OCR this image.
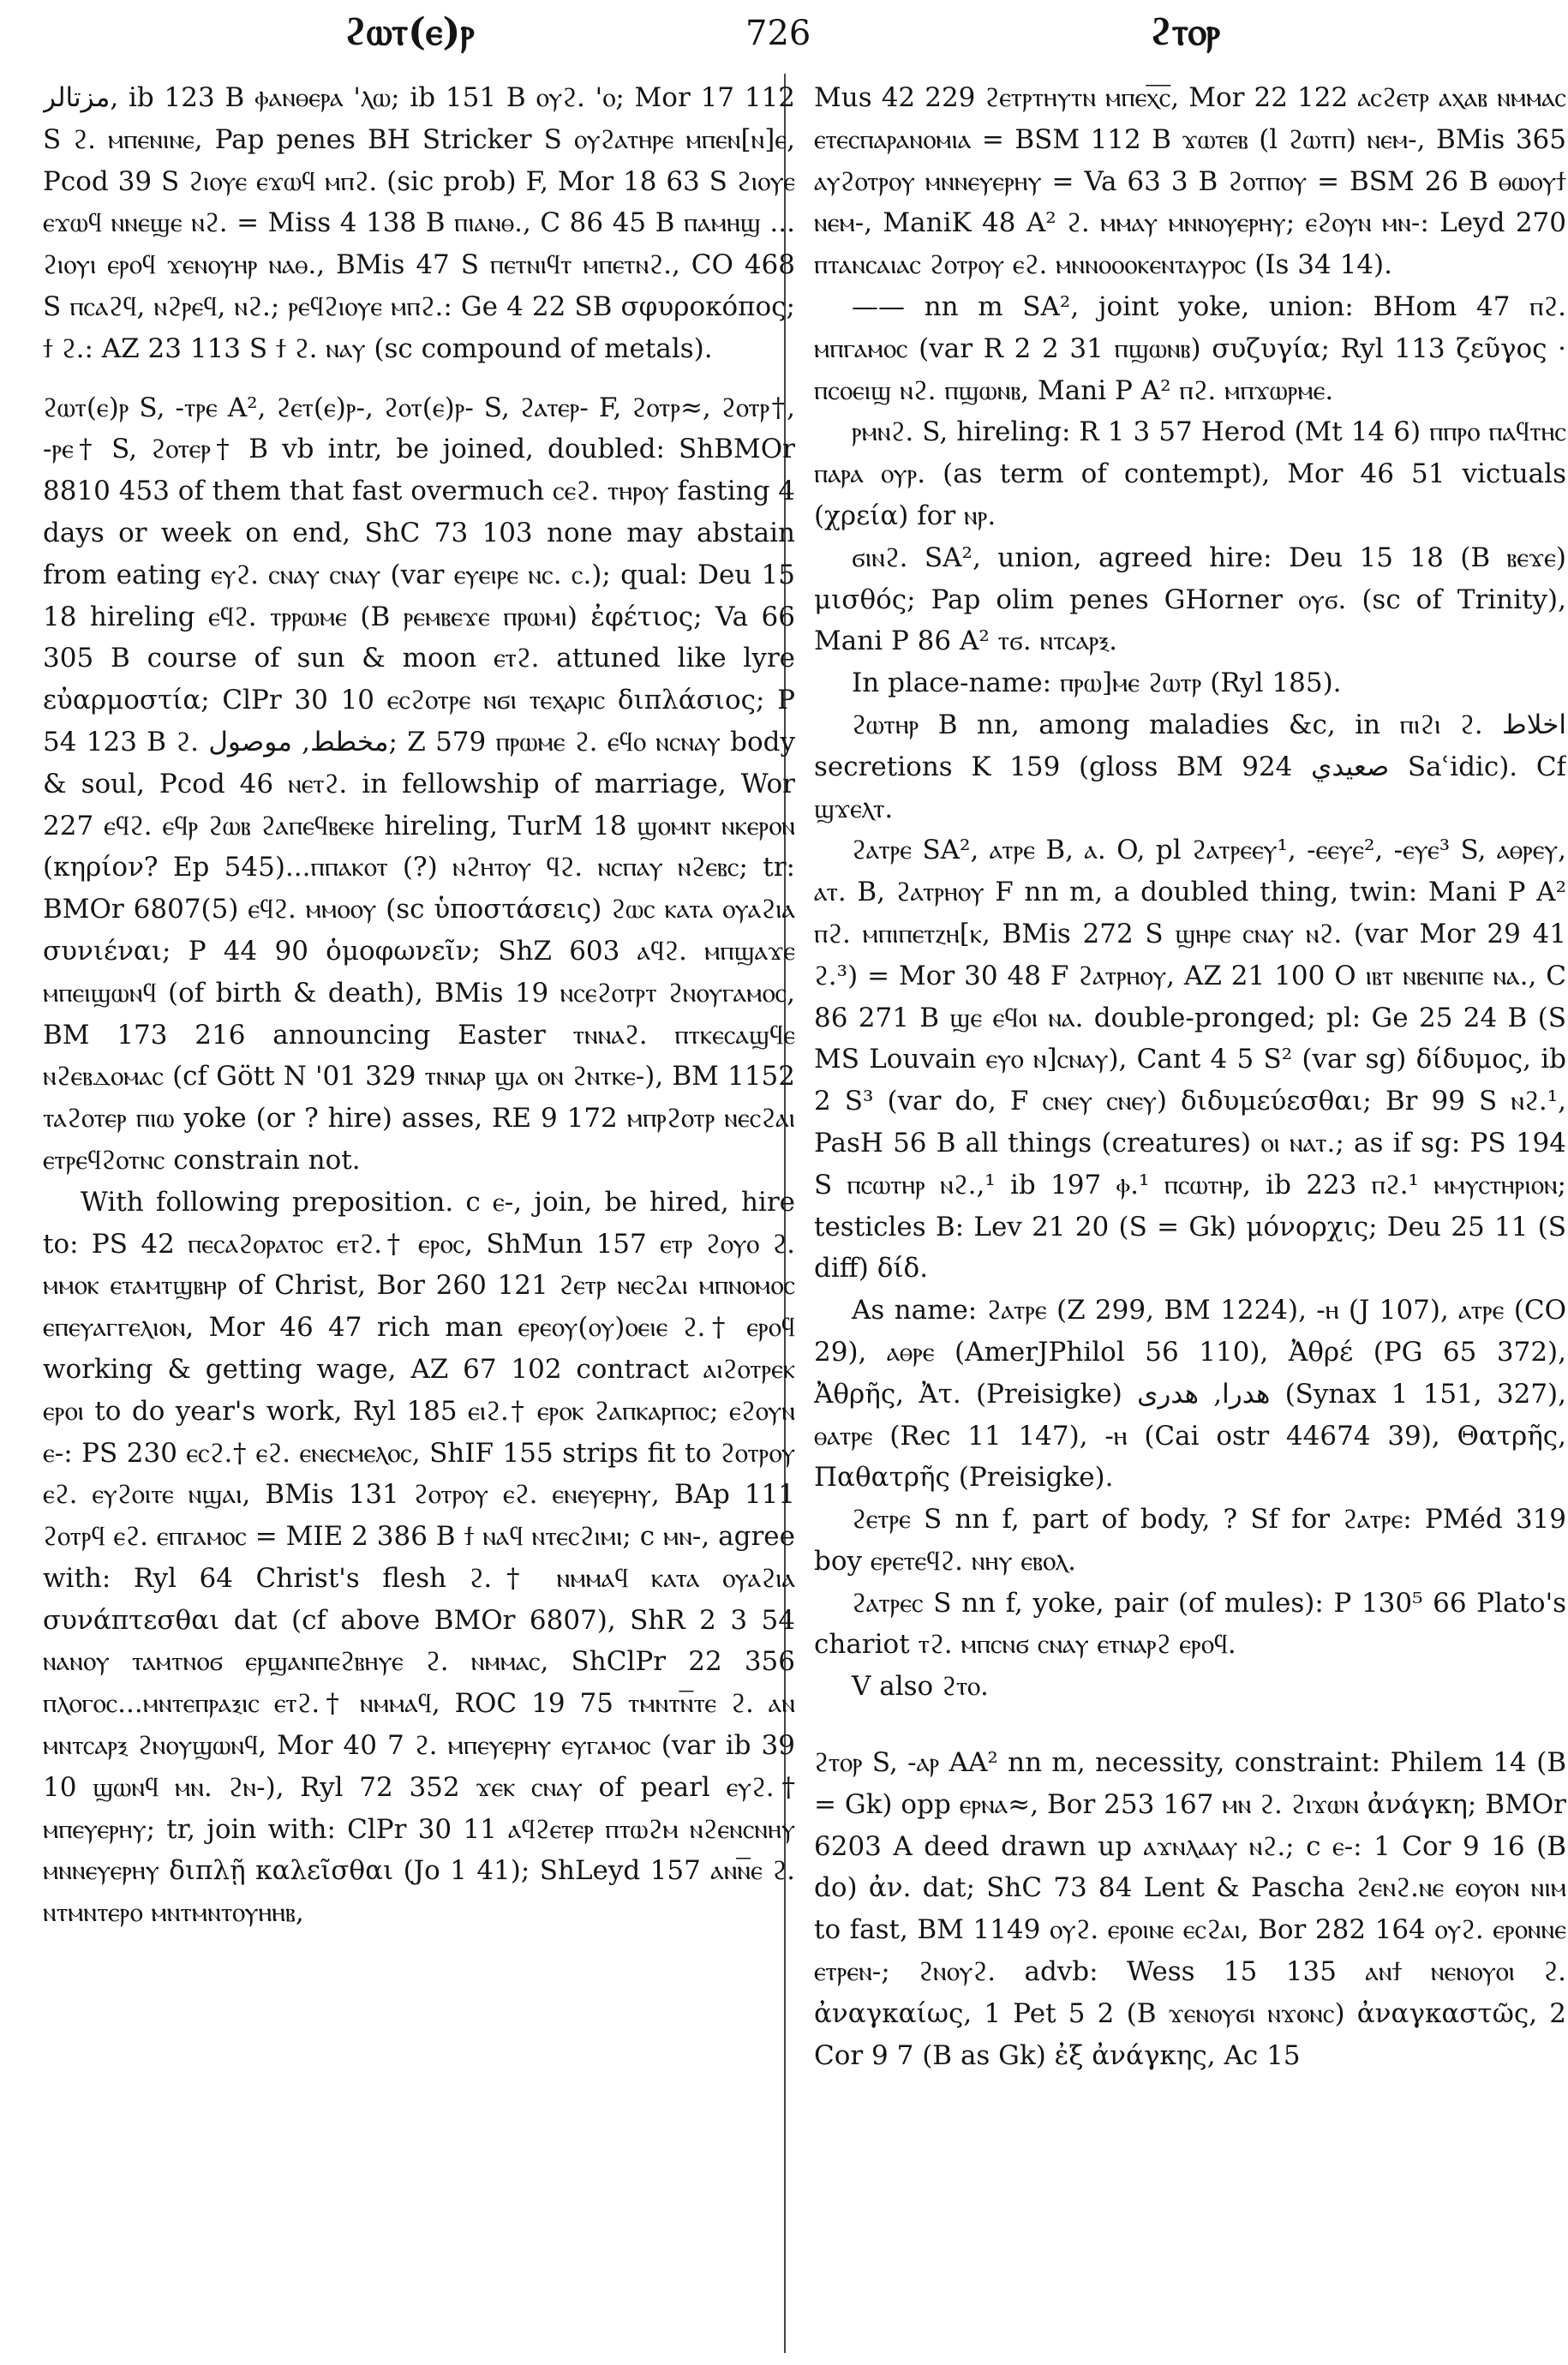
ϩⲱⲧ(ⲉ)ⲣ	726	ϩⲧⲟⲣ

ﻣﺰﺗﺎﻟﺮ, ib 123 B ⲫⲁⲛⲑⲉⲣⲁ 'ⲗⲱ; ib 151 B ⲟⲩϩ. 'ⲟ; Mor 17 112 S ϩ. ⲙⲡⲉⲛⲓⲛⲉ, Pap penes BH Stricker S ⲟⲩϩⲁⲧⲏⲣⲉ ⲙⲡⲉⲛ[ⲛ]ⲉ, Pcod 39 S ϩⲓⲟⲩⲉ ⲉϫⲱϥ ⲙⲡϩ. (sic prob) F, Mor 18 63 S ϩⲓⲟⲩⲉ ⲉϫⲱϥ ⲛⲛⲉϣⲉ ⲛϩ. = Miss 4 138 B ⲡⲓⲁⲛⲑ., C 86 45 B ⲡⲁⲙⲏϣ ... ϩⲓⲟⲩⲓ ⲉⲣⲟϥ ϫⲉⲛⲟⲩⲏⲣ ⲛⲁⲑ., BMis 47 S ⲡⲉⲧⲛⲓϥⲧ ⲙⲡⲉⲧⲛϩ., CO 468 S ⲡⲥⲁϩϥ, ⲛϩⲣⲉϥ, ⲛϩ.; ⲣⲉϥϩⲓⲟⲩⲉ ⲙⲡϩ.: Ge 4 22 SB σφυροκόπος; ϯ ϩ.: AZ 23 113 S ϯ ϩ. ⲛⲁⲩ (sc compound of metals).

ϩⲱⲧ(ⲉ)ⲣ S, -ⲧⲣⲉ A², ϩⲉⲧ(ⲉ)ⲣ-, ϩⲟⲧ(ⲉ)ⲣ- S, ϩⲁⲧⲉⲣ- F, ϩⲟⲧⲣ≈, ϩⲟⲧⲣ†, -ⲣⲉ† S, ϩⲟⲧⲉⲣ† B vb intr, be joined, doubled: ShBMOr 8810 453 of them that fast overmuch ⲥⲉϩ. ⲧⲏⲣⲟⲩ fasting 4 days or week on end, ShC 73 103 none may abstain from eating ⲉⲩϩ. ⲥⲛⲁⲩ ⲥⲛⲁⲩ (var ⲉⲩⲉⲓⲣⲉ ⲛⲥ. ⲥ.); qual: Deu 15 18 hireling ⲉϥϩ. ⲧⲣⲣⲱⲙⲉ (B ⲣⲉⲙⲃⲉϫⲉ ⲡⲣⲱⲙⲓ) ἐφέτιος; Va 66 305 B course of sun & moon ⲉⲧϩ. attuned like lyre εὐαρμοστία; ClPr 30 10 ⲉⲥϩⲟⲧⲣⲉ ⲛϭⲓ ⲧⲉⲭⲁⲣⲓⲥ διπλάσιος; P 54 123 B ϩ. ﻣﺨﻄﻂ, ﻣﻮﺻﻮﻝ; Z 579 ⲡⲣⲱⲙⲉ ϩ. ⲉϥⲟ ⲛⲥⲛⲁⲩ body & soul, Pcod 46 ⲛⲉⲧϩ. in fellowship of marriage, Wor 227 ⲉϥϩ. ⲉϥⲣ ϩⲱⲃ ϩⲁⲡⲉϥⲃⲉⲕⲉ hireling, TurM 18 ϣⲟⲙⲛⲧ ⲛⲕⲉⲣⲟⲛ (κηρίον? Ep 545)...ⲡⲡⲁⲕⲟⲧ (?) ⲛϩⲏⲧⲟⲩ ϥϩ. ⲛⲥⲡⲁⲩ ⲛϩⲉⲃⲥ; tr: BMOr 6807(5) ⲉϥϩ. ⲙⲙⲟⲟⲩ (sc ὑποστάσεις) ϩⲱⲥ ⲕⲁⲧⲁ ⲟⲩⲁϩⲓⲁ συνιέναι; P 44 90 ὁμοφωνεῖν; ShZ 603 ⲁϥϩ. ⲙⲡϣⲁϫⲉ ⲙⲡⲉⲓϣⲱⲛϥ (of birth & death), BMis 19 ⲛⲥⲉϩⲟⲧⲣⲧ ϩⲛⲟⲩⲅⲁⲙⲟⲥ, BM 173 216 announcing Easter ⲧⲛⲛⲁϩ. ⲡⲧⲕⲉⲥⲁϣϥⲉ ⲛϩⲉⲃⲇⲟⲙⲁⲥ (cf Gött N '01 329 ⲧⲛⲛⲁⲣ ϣⲁ ⲟⲛ ϩⲛⲧⲕⲉ-), BM 1152 ⲧⲁϩⲟⲧⲉⲣ ⲡⲓⲱ yoke (or ? hire) asses, RE 9 172 ⲙⲡⲣϩⲟⲧⲣ ⲛⲉⲥϩⲁⲓ ⲉⲧⲣⲉϥϩⲟⲧⲛⲥ constrain not.

With following preposition. c ⲉ-, join, be hired, hire to: PS 42 ⲡⲉⲥⲁϩⲟⲣⲁⲧⲟⲥ ⲉⲧϩ.† ⲉⲣⲟⲥ, ShMun 157 ⲉⲧⲣ ϩⲟⲩⲟ ϩ. ⲙⲙⲟⲕ ⲉⲧⲁⲙⲧϣⲃⲏⲣ of Christ, Bor 260 121 ϩⲉⲧⲣ ⲛⲉⲥϩⲁⲓ ⲙⲡⲛⲟⲙⲟⲥ ⲉⲡⲉⲩⲁⲅⲅⲉⲗⲓⲟⲛ, Mor 46 47 rich man ⲉⲣⲉⲟⲩ(ⲟⲩ)ⲟⲉⲓⲉ ϩ.† ⲉⲣⲟϥ working & getting wage, AZ 67 102 contract ⲁⲓϩⲟⲧⲣⲉⲕ ⲉⲣⲟⲓ to do year's work, Ryl 185 ⲉⲓϩ.† ⲉⲣⲟⲕ ϩⲁⲡⲕⲁⲣⲡⲟⲥ; ⲉϩⲟⲩⲛ ⲉ-: PS 230 ⲉⲥϩ.† ⲉϩ. ⲉⲛⲉⲥⲙⲉⲗⲟⲥ, ShIF 155 strips fit to ϩⲟⲧⲣⲟⲩ ⲉϩ. ⲉⲩϩⲟⲓⲧⲉ ⲛϣⲁⲓ, BMis 131 ϩⲟⲧⲣⲟⲩ ⲉϩ. ⲉⲛⲉⲩⲉⲣⲏⲩ, BAp 111 ϩⲟⲧⲣϥ ⲉϩ. ⲉⲡⲅⲁⲙⲟⲥ = MIE 2 386 B ϯ ⲛⲁϥ ⲛⲧⲉⲥϩⲓⲙⲓ; c ⲙⲛ-, agree with: Ryl 64 Christ's flesh ϩ.† ⲛⲙⲙⲁϥ ⲕⲁⲧⲁ ⲟⲩⲁϩⲓⲁ συνάπτεσθαι dat (cf above BMOr 6807), ShR 2 3 54 ⲛⲁⲛⲟⲩ ⲧⲁⲙⲧⲛⲟϭ ⲉⲣϣⲁⲛⲡⲉϩⲃⲏⲩⲉ ϩ. ⲛⲙⲙⲁⲥ, ShClPr 22 356 ⲡⲗⲟⲅⲟⲥ...ⲙⲛⲧⲉⲡⲣⲁⲝⲓⲥ ⲉⲧϩ.† ⲛⲙⲙⲁϥ, ROC 19 75 ⲧⲙⲛⲧⲛ̅ⲧⲉ ϩ. ⲁⲛ ⲙⲛⲧⲥⲁⲣⲝ ϩⲛⲟⲩϣⲱⲛϥ, Mor 40 7 ϩ. ⲙⲡⲉⲩⲉⲣⲏⲩ ⲉⲩⲅⲁⲙⲟⲥ (var ib 39 10 ϣⲱⲛϥ ⲙⲛ. ϩⲛ-), Ryl 72 352 ϫⲉⲕ ⲥⲛⲁⲩ of pearl ⲉⲩϩ.† ⲙⲡⲉⲩⲉⲣⲏⲩ; tr, join with: ClPr 30 11 ⲁϥϩⲉⲧⲉⲣ ⲡⲧⲱϩⲙ ⲛϩⲉⲛⲥⲛⲏⲩ ⲙⲛⲛⲉⲩⲉⲣⲏⲩ διπλῇ καλεῖσθαι (Jo 1 41); ShLeyd 157 ⲁⲛⲛ̅ⲉ ϩ. ⲛⲧⲙⲛⲧⲉⲣⲟ ⲙⲛⲧⲙⲛⲧⲟⲩⲏⲏⲃ,

Mus 42 229 ϩⲉⲧⲣⲧⲏⲩⲧⲛ ⲙⲡⲉⲭ̅ⲥ̅, Mor 22 122 ⲁⲥϩⲉⲧⲣ ⲁⲭⲁⲃ ⲛⲙⲙⲁⲥ ⲉⲧⲉⲥⲡⲁⲣⲁⲛⲟⲙⲓⲁ = BSM 112 B ϫⲱⲧⲉⲃ (l ϩⲱⲧⲡ) ⲛⲉⲙ-, BMis 365 ⲁⲩϩⲟⲧⲣⲟⲩ ⲙⲛⲛⲉⲩⲉⲣⲏⲩ = Va 63 3 B ϩⲟⲧⲡⲟⲩ = BSM 26 B ⲑⲱⲟⲩϯ ⲛⲉⲙ-, ManiK 48 A² ϩ. ⲙⲙⲁⲩ ⲙⲛⲛⲟⲩⲉⲣⲏⲩ; ⲉϩⲟⲩⲛ ⲙⲛ-: Leyd 270 ⲡⲧⲁⲛⲥⲁⲓⲁⲥ ϩⲟⲧⲣⲟⲩ ⲉϩ. ⲙⲛⲛⲟⲟⲟⲕⲉⲛⲧⲁⲩⲣⲟⲥ (Is 34 14).

—— nn m SA², joint yoke, union: BHom 47 ⲡϩ. ⲙⲡⲅⲁⲙⲟⲥ (var R 2 2 31 ⲡϣⲱⲛⲃ) συζυγία; Ryl 113 ζεῦγος · ⲡⲥⲟⲉⲓϣ ⲛϩ. ⲡϣⲱⲛⲃ, Mani P A² ⲡϩ. ⲙⲡϫⲱⲣⲙⲉ.

ⲣⲙⲛϩ. S, hireling: R 1 3 57 Herod (Mt 14 6) ⲡⲡⲣⲟ ⲡⲁϥⲧⲏⲥ ⲡⲁⲣⲁ ⲟⲩⲣ. (as term of contempt), Mor 46 51 victuals (χρεία) for ⲛⲣ.

ϭⲓⲛϩ. SA², union, agreed hire: Deu 15 18 (B ⲃⲉϫⲉ) μισθός; Pap olim penes GHorner ⲟⲩϭ. (sc of Trinity), Mani P 86 A² ⲧϭ. ⲛⲧⲥⲁⲣⲝ.

In place-name: ⲡⲣⲱ]ⲙⲉ ϩⲱⲧⲣ (Ryl 185).

ϩⲱⲧⲏⲣ B nn, among maladies &c, in ⲡⲓϩⲓ ϩ. ﺍﺧﻼﻁ secretions K 159 (gloss BM 924 ﺻﻌﻴﺪﻱ Saʿidic). Cf ϣϫⲉⲗⲧ.

ϩⲁⲧⲣⲉ SA², ⲁⲧⲣⲉ B, ⲁ. O, pl ϩⲁⲧⲣⲉⲉⲩ¹, -ⲉⲉⲩⲉ², -ⲉⲩⲉ³ S, ⲁⲑⲣⲉⲩ, ⲁⲧ. B, ϩⲁⲧⲣⲏⲟⲩ F nn m, a doubled thing, twin: Mani P A² ⲡϩ. ⲙⲡⲓⲡⲉⲧⲍⲏ[ⲕ, BMis 272 S ϣⲏⲣⲉ ⲥⲛⲁⲩ ⲛϩ. (var Mor 29 41 ϩ.³) = Mor 30 48 F ϩⲁⲧⲣⲏⲟⲩ, AZ 21 100 O ⲓⲃⲧ ⲛⲃⲉⲛⲓⲡⲉ ⲛⲁ., C 86 271 B ϣⲉ ⲉϥⲟⲓ ⲛⲁ. double-pronged; pl: Ge 25 24 B (S MS Louvain ⲉⲩⲟ ⲛ]ⲥⲛⲁⲩ), Cant 4 5 S² (var sg) δίδυμος, ib 2 S³ (var do, F ⲥⲛⲉⲩ ⲥⲛⲉⲩ) διδυμεύεσθαι; Br 99 S ⲛϩ.¹, PasH 56 B all things (creatures) ⲟⲓ ⲛⲁⲧ.; as if sg: PS 194 S ⲡⲥⲱⲧⲏⲣ ⲛϩ.,¹ ib 197 ⲫ.¹ ⲡⲥⲱⲧⲏⲣ, ib 223 ⲡϩ.¹ ⲙⲙⲩⲥⲧⲏⲣⲓⲟⲛ; testicles B: Lev 21 20 (S = Gk) μόνορχις; Deu 25 11 (S diff) δίδ.

As name: ϩⲁⲧⲣⲉ (Z 299, BM 1224), -ⲏ (J 107), ⲁⲧⲣⲉ (CO 29), ⲁⲑⲣⲉ (AmerJPhilol 56 110), Ἀθρέ (PG 65 372), Ἀθρῆς, Ἀτ. (Preisigke) ﻫﺪﺭﺍ, ﻫﺪﺭﻯ (Synax 1 151, 327), ⲑⲁⲧⲣⲉ (Rec 11 147), -ⲏ (Cai ostr 44674 39), Θατρῆς, Παθατρῆς (Preisigke).

ϩⲉⲧⲣⲉ S nn f, part of body, ? Sf for ϩⲁⲧⲣⲉ: PMéd 319 boy ⲉⲣⲉⲧⲉϥϩ. ⲛⲏⲩ ⲉⲃⲟⲗ.

ϩⲁⲧⲣⲉⲥ S nn f, yoke, pair (of mules): P 130⁵ 66 Plato's chariot ⲧϩ. ⲙⲡⲥⲛϭ ⲥⲛⲁⲩ ⲉⲧⲛⲁⲣϩ ⲉⲣⲟϥ.

V also ϩⲧⲟ.

ϩⲧⲟⲣ S, -ⲁⲣ AA² nn m, necessity, constraint: Philem 14 (B = Gk) opp ⲉⲣⲛⲁ≈, Bor 253 167 ⲙⲛ ϩ. ϩⲓϫⲱⲛ ἀνάγκη; BMOr 6203 A deed drawn up ⲁϫⲛⲗⲁⲁⲩ ⲛϩ.; c ⲉ-: 1 Cor 9 16 (B do) ἀν. dat; ShC 73 84 Lent & Pascha ϩⲉⲛϩ.ⲛⲉ ⲉⲟⲩⲟⲛ ⲛⲓⲙ to fast, BM 1149 ⲟⲩϩ. ⲉⲣⲟⲓⲛⲉ ⲉⲥϩⲁⲓ, Bor 282 164 ⲟⲩϩ. ⲉⲣⲟⲛⲛⲉ ⲉⲧⲣⲉⲛ-; ϩⲛⲟⲩϩ. advb: Wess 15 135 ⲁⲛϯ ⲛⲉⲛⲟⲩⲟⲓ ϩ. ἀναγκαίως, 1 Pet 5 2 (B ϫⲉⲛⲟⲩϭⲓ ⲛϫⲟⲛⲥ) ἀναγκαστῶς, 2 Cor 9 7 (B as Gk) ἐξ ἀνάγκης, Ac 15
